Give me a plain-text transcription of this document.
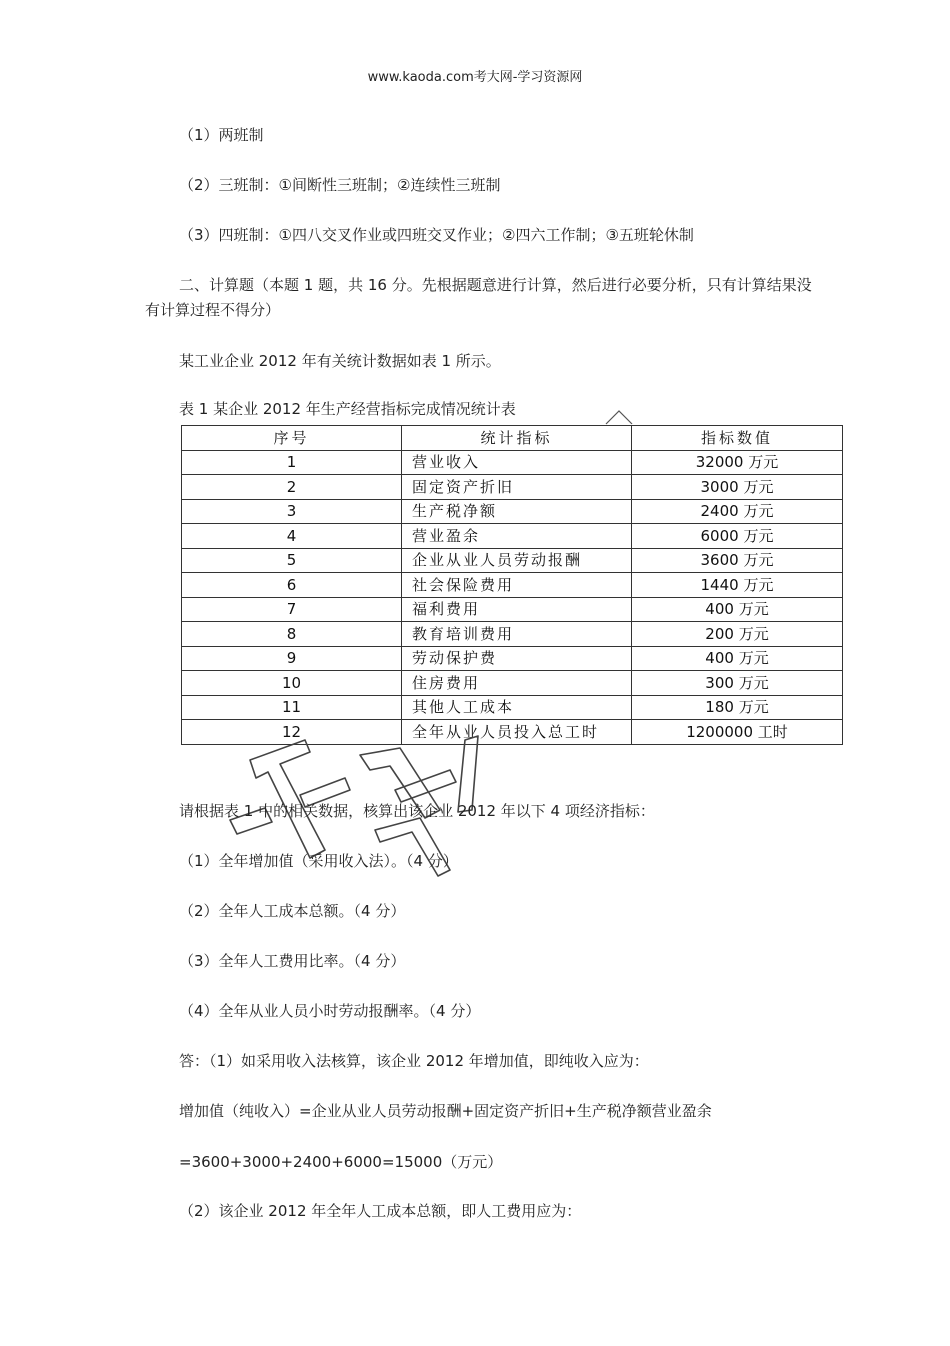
www.kaoda.com考大网-学习资源网
（1）两班制
（2）三班制：①间断性三班制；②连续性三班制
（3）四班制：①四八交叉作业或四班交叉作业；②四六工作制；③五班轮休制
二、计算题（本题 1 题，共 16 分。先根据题意进行计算，然后进行必要分析，只有计算结果没有计算过程不得分）
某工业企业 2012 年有关统计数据如表 1 所示。
表 1 某企业 2012 年生产经营指标完成情况统计表
序号	统计指标	指标数值
1	营业收入	32000 万元
2	固定资产折旧	3000 万元
3	生产税净额	2400 万元
4	营业盈余	6000 万元
5	企业从业人员劳动报酬	3600 万元
6	社会保险费用	1440 万元
7	福利费用	400 万元
8	教育培训费用	200 万元
9	劳动保护费	400 万元
10	住房费用	300 万元
11	其他人工成本	180 万元
12	全年从业人员投入总工时	1200000 工时
请根据表 1 中的相关数据，核算出该企业 2012 年以下 4 项经济指标：
（1）全年增加值（采用收入法）。（4 分）
（2）全年人工成本总额。（4 分）
（3）全年人工费用比率。（4 分）
（4）全年从业人员小时劳动报酬率。（4 分）
答：（1）如采用收入法核算，该企业 2012 年增加值，即纯收入应为：
增加值（纯收入）=企业从业人员劳动报酬+固定资产折旧+生产税净额营业盈余
=3600+3000+2400+6000=15000（万元）
（2）该企业 2012 年全年人工成本总额，即人工费用应为：
